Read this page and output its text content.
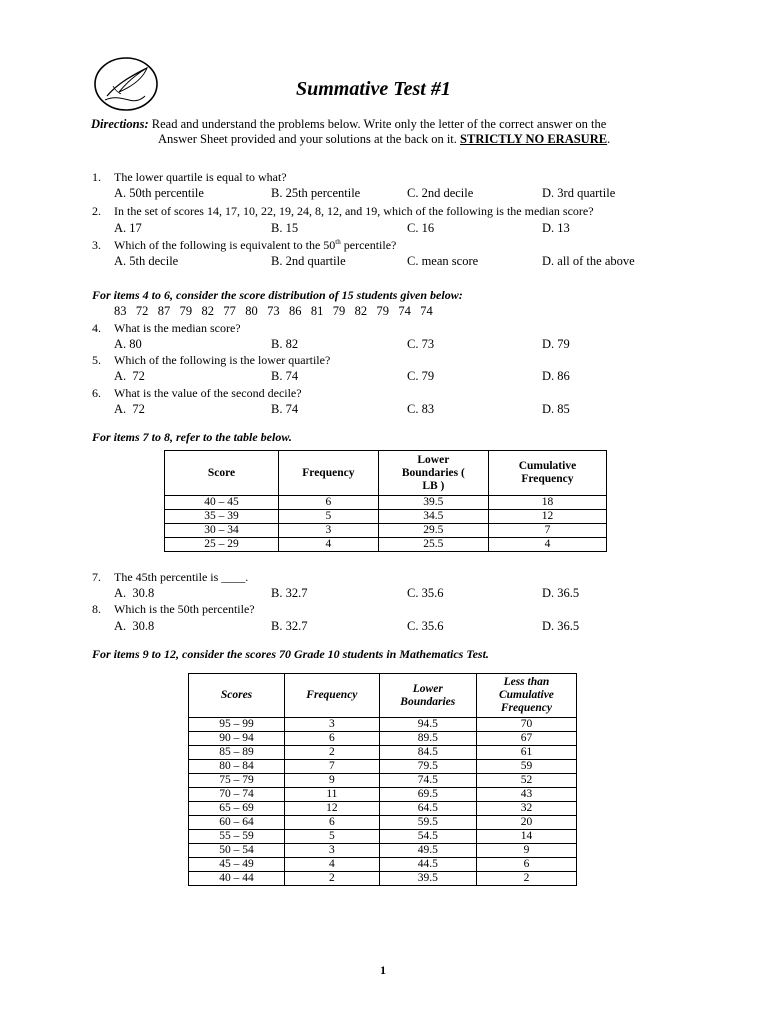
Summative Test #1
Directions: Read and understand the problems below. Write only the letter of the correct answer on the
Answer Sheet provided and your solutions at the back on it. STRICTLY NO ERASURE.
1. The lower quartile is equal to what?
A. 50th percentile	B. 25th percentile	C. 2nd decile	D. 3rd quartile
2. In the set of scores 14, 17, 10, 22, 19, 24, 8, 12, and 19, which of the following is the median score?
A. 17	B. 15	C. 16	D. 13
3. Which of the following is equivalent to the 50th percentile?
A. 5th decile	B. 2nd quartile	C. mean score	D. all of the above
For items 4 to 6, consider the score distribution of 15 students given below:
83   72   87   79   82   77   80   73   86   81   79   82   79   74   74
4. What is the median score?
A. 80	B. 82	C. 73	D. 79
5. Which of the following is the lower quartile?
A.  72	B. 74	C. 79	D. 86
6. What is the value of the second decile?
A.  72	B. 74	C. 83	D. 85
For items 7 to 8, refer to the table below.
Score	Frequency	Lower Boundaries ( LB )	Cumulative Frequency

40 – 45	6	39.5	18
35 – 39	5	34.5	12
30 – 34	3	29.5	7
25 – 29	4	25.5	4
7. The 45th percentile is ____.
A.  30.8	B. 32.7	C. 35.6	D. 36.5
8. Which is the 50th percentile?
A.  30.8	B. 32.7	C. 35.6	D. 36.5
For items 9 to 12, consider the scores 70 Grade 10 students in Mathematics Test.
Scores	Frequency	Lower Boundaries	Less than Cumulative Frequency

95 – 99	3	94.5	70
90 – 94	6	89.5	67
85 – 89	2	84.5	61
80 – 84	7	79.5	59
75 – 79	9	74.5	52
70 – 74	11	69.5	43
65 – 69	12	64.5	32
60 – 64	6	59.5	20
55 – 59	5	54.5	14
50 – 54	3	49.5	9
45 – 49	4	44.5	6
40 – 44	2	39.5	2
1
